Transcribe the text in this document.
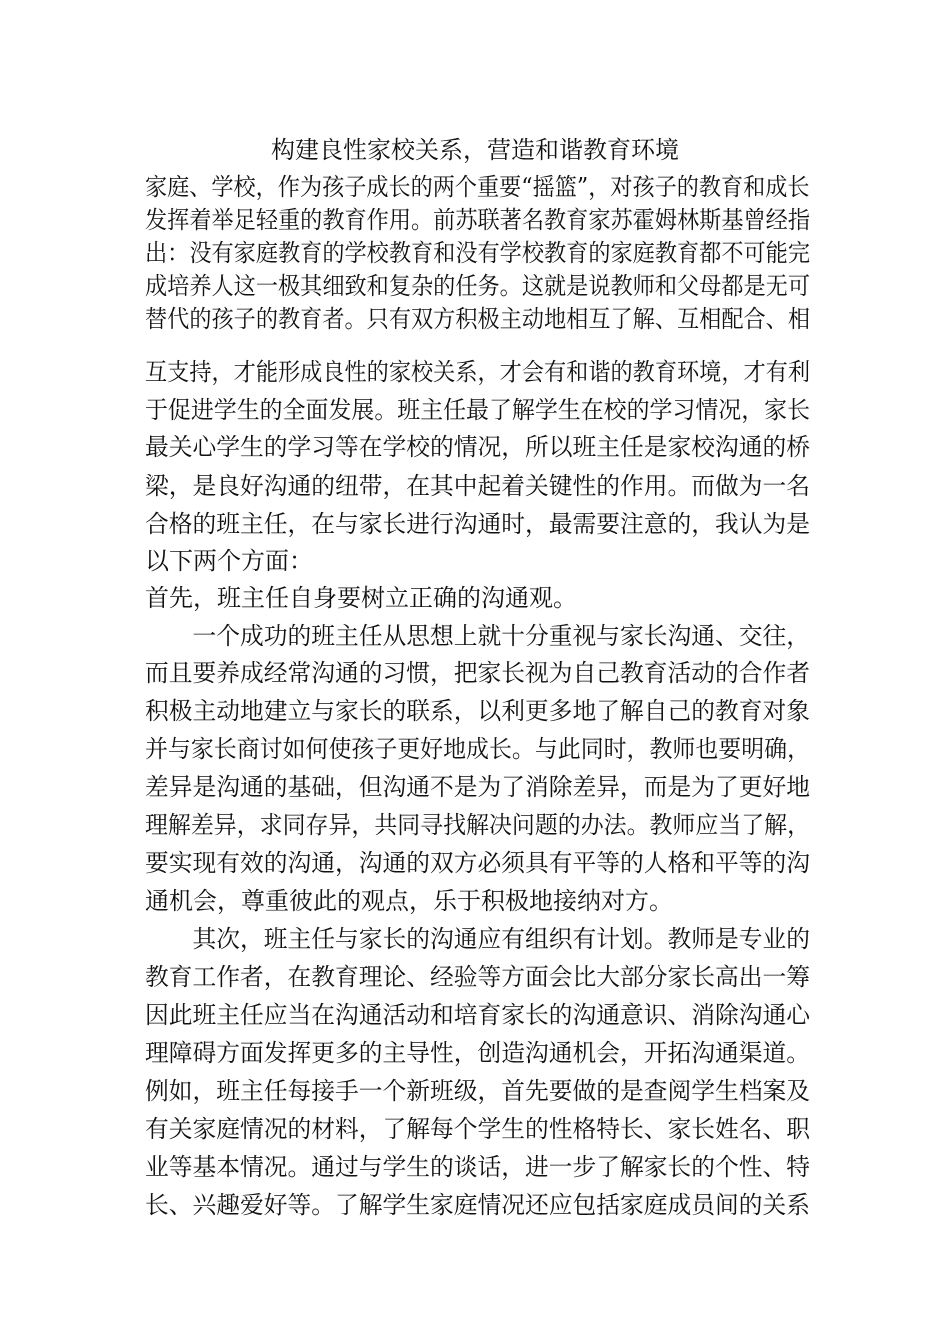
构建良性家校关系，营造和谐教育环境
家庭、学校，作为孩子成长的两个重要“摇篮”，对孩子的教育和成长
发挥着举足轻重的教育作用。前苏联著名教育家苏霍姆林斯基曾经指
出：没有家庭教育的学校教育和没有学校教育的家庭教育都不可能完
成培养人这一极其细致和复杂的任务。这就是说教师和父母都是无可
替代的孩子的教育者。只有双方积极主动地相互了解、互相配合、相
互支持，才能形成良性的家校关系，才会有和谐的教育环境，才有利
于促进学生的全面发展。班主任最了解学生在校的学习情况，家长
最关心学生的学习等在学校的情况，所以班主任是家校沟通的桥
梁，是良好沟通的纽带，在其中起着关键性的作用。而做为一名
合格的班主任，在与家长进行沟通时，最需要注意的，我认为是
以下两个方面：
首先，班主任自身要树立正确的沟通观。
　　一个成功的班主任从思想上就十分重视与家长沟通、交往，
而且要养成经常沟通的习惯，把家长视为自己教育活动的合作者
积极主动地建立与家长的联系，以利更多地了解自己的教育对象
并与家长商讨如何使孩子更好地成长。与此同时，教师也要明确，
差异是沟通的基础，但沟通不是为了消除差异，而是为了更好地
理解差异，求同存异，共同寻找解决问题的办法。教师应当了解，
要实现有效的沟通，沟通的双方必须具有平等的人格和平等的沟
通机会，尊重彼此的观点，乐于积极地接纳对方。
　　其次，班主任与家长的沟通应有组织有计划。教师是专业的
教育工作者，在教育理论、经验等方面会比大部分家长高出一筹
因此班主任应当在沟通活动和培育家长的沟通意识、消除沟通心
理障碍方面发挥更多的主导性，创造沟通机会，开拓沟通渠道。
例如，班主任每接手一个新班级，首先要做的是查阅学生档案及
有关家庭情况的材料，了解每个学生的性格特长、家长姓名、职
业等基本情况。通过与学生的谈话，进一步了解家长的个性、特
长、兴趣爱好等。了解学生家庭情况还应包括家庭成员间的关系
